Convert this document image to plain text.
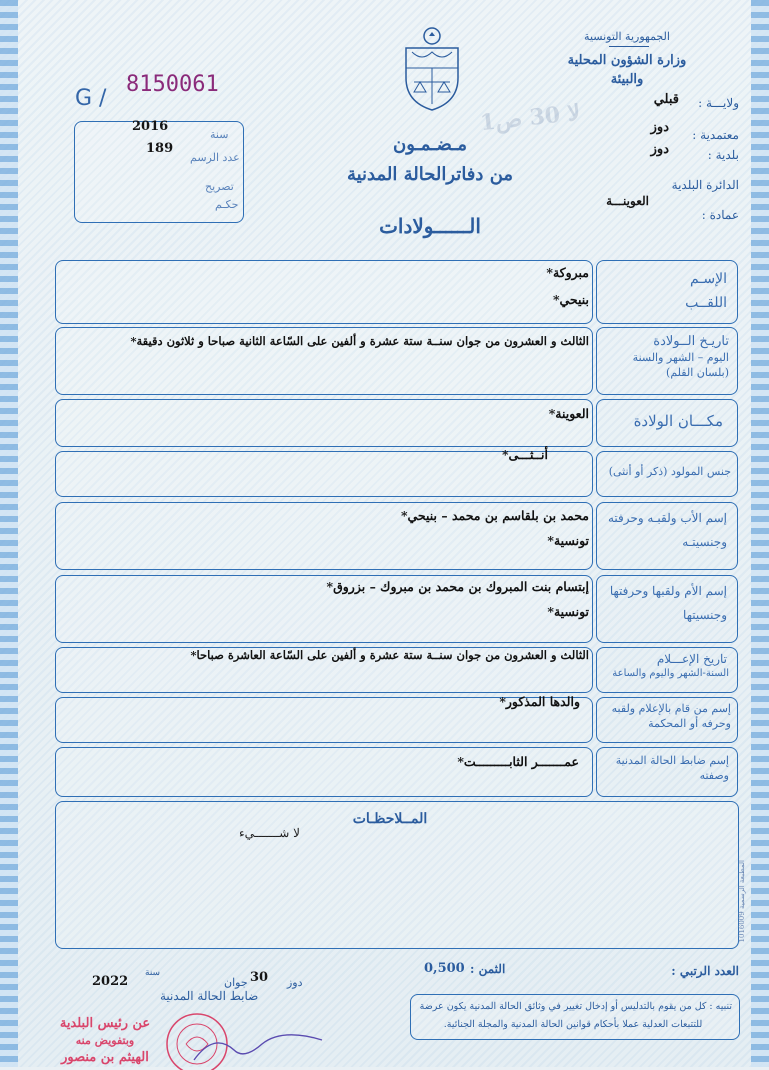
الجمهورية التونسية
وزارة الشؤون المحلية
والبيئة
ولايـــة :
قبلي
معتمدية :
دوز
بلدية :
دوز
الدائرة البلدية
عمادة :
العوينـــة
لا 30 ص1
G /
8150061
سنة
2016
عدد الرسم
189
تصريح
حكـم
مـضـمـون
من دفاترالحالة المدنية
الــــــولادات
الإسـم
اللقــب
مبروكة*
بنيحي*
تاريـخ الــولادة
اليوم – الشهر والسنة
(بلسان القلم)
الثالث و العشرون من جوان سنــة ستة عشرة و ألفين على السّاعة الثانية صباحا و ثلاثون دقيقة*
مكـــان الولادة
العوينة*
جنس المولود (ذكر أو أنثى)
أنــثـــى*
إسم الأب ولقبـه وحرفته
وجنسيتـه
محمد بن بلقاسم بن محمد – بنيحي*
تونسية*
إسم الأم ولقبها وحرفتها
وجنسيتها
إبتسام بنت المبروك بن محمد بن مبروك – بزروق*
تونسية*
تاريخ الإعـــلام
السنة-الشهر واليوم والساعة
الثالث و العشرون من جوان سنــة ستة عشرة و ألفين على السّاعة العاشرة صباحا*
إسم من قام بالإعلام ولقبه
وحرفه أو المحكمة
والدها المذكور*
إسم ضابط الحالة المدنية
وصفته
عمـــــــر الثابـــــــــت*
المــلاحظـات
لا شـــــــيء
المطبعة الرسمية 1016009
العدد الرتبي :
الثمن :
0,500
دوز
30
جوان
سنة
2022
ضابط الحالة المدنية
تنبيه : كل من يقوم بالتدليس أو إدخال تغيير في وثائق الحالة المدنية يكون عرضة
للتتبعات العدلية عملا بأحكام قوانين الحالة المدنية والمجلة الجنائية.
عن رئيس البلدية
وبتفويض منه
الهيثم بن منصور
